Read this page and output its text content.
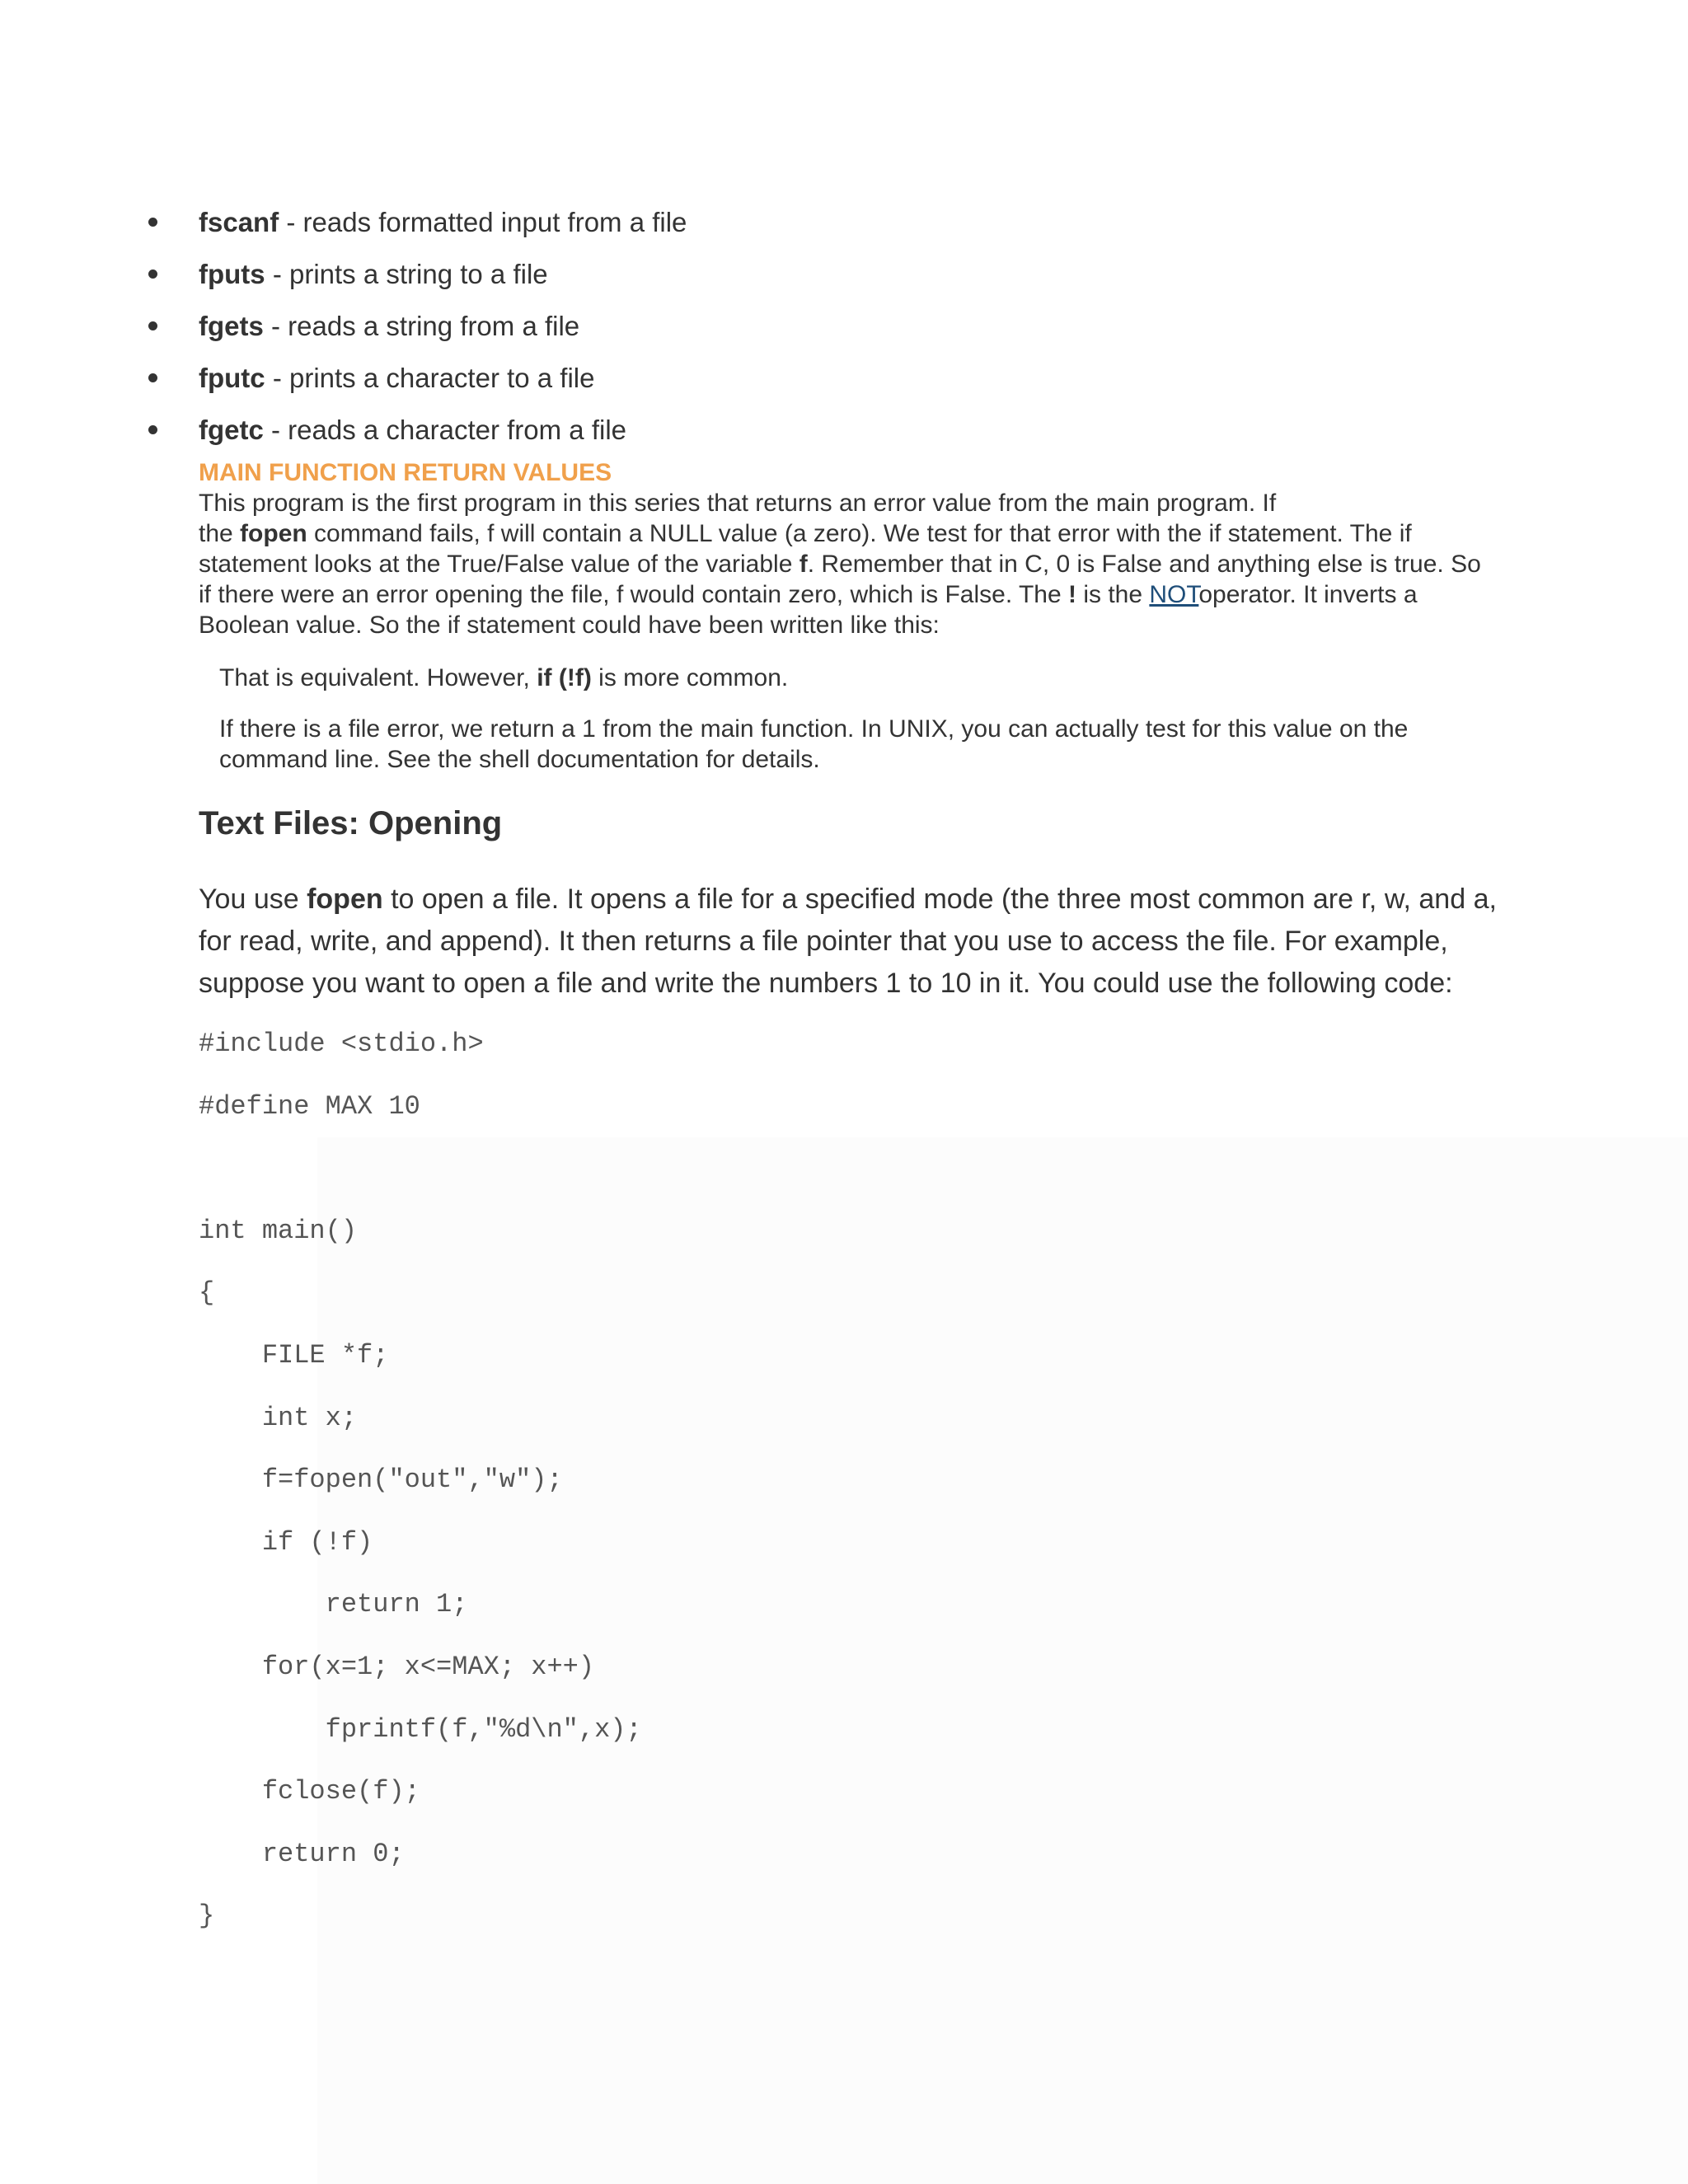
fscanf - reads formatted input from a file
fputs - prints a string to a file
fgets - reads a string from a file
fputc - prints a character to a file
fgetc - reads a character from a file
MAIN FUNCTION RETURN VALUES
This program is the first program in this series that returns an error value from the main program. If
the fopen command fails, f will contain a NULL value (a zero). We test for that error with the if statement. The if
statement looks at the True/False value of the variable f. Remember that in C, 0 is False and anything else is true. So
if there were an error opening the file, f would contain zero, which is False. The ! is the NOToperator. It inverts a
Boolean value. So the if statement could have been written like this:
That is equivalent. However, if (!f) is more common.
If there is a file error, we return a 1 from the main function. In UNIX, you can actually test for this value on the
command line. See the shell documentation for details.
Text Files: Opening
You use fopen to open a file. It opens a file for a specified mode (the three most common are r, w, and a,
for read, write, and append). It then returns a file pointer that you use to access the file. For example,
suppose you want to open a file and write the numbers 1 to 10 in it. You could use the following code:
#include <stdio.h>
#define MAX 10
int main()
{
FILE *f;
int x;
f=fopen("out","w");
if (!f)
return 1;
for(x=1; x<=MAX; x++)
fprintf(f,"%d\n",x);
fclose(f);
return 0;
}
